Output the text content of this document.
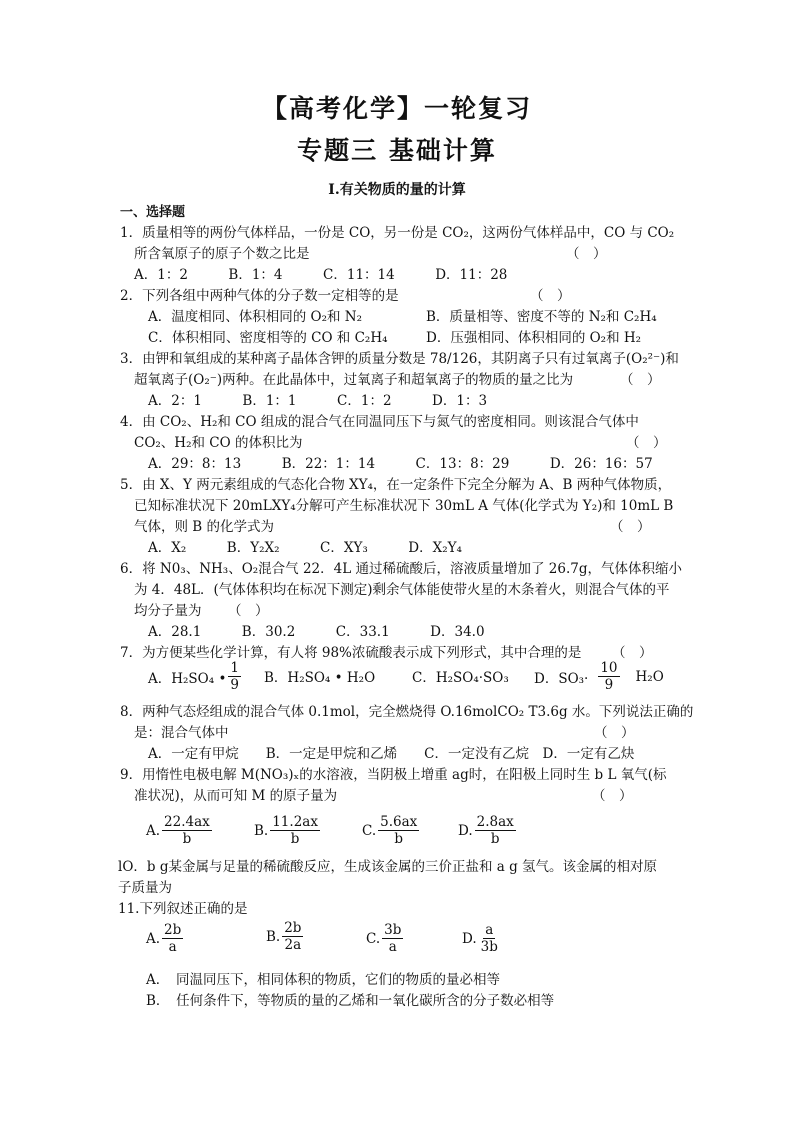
【高考化学】一轮复习
专题三 基础计算
Ⅰ.有关物质的量的计算
一、选择题
1．质量相等的两份气体样品，一份是 CO，另一份是 CO₂，这两份气体样品中，CO 与 CO₂
所含氧原子的原子个数之比是	（　）
A．1：2　　　B．1：4　　　C．11：14　　　D．11：28
2．下列各组中两种气体的分子数一定相等的是	（　）
A．温度相同、体积相同的 O₂和 N₂	B．质量相等、密度不等的 N₂和 C₂H₄
C．体积相同、密度相等的 CO 和 C₂H₄	D．压强相同、体积相同的 O₂和 H₂
3．由钾和氧组成的某种离子晶体含钾的质量分数是 78/126，其阴离子只有过氧离子(O₂²⁻)和
超氧离子(O₂⁻)两种。在此晶体中，过氧离子和超氧离子的物质的量之比为	（　）
A．2：1　　　B．1：1　　　C．1：2　　　D．1：3
4．由 CO₂、H₂和 CO 组成的混合气在同温同压下与氮气的密度相同。则该混合气体中
CO₂、H₂和 CO 的体积比为	（　）
A．29：8：13　　　B．22：1：14　　　C．13：8：29　　　D．26：16：57
5．由 X、Y 两元素组成的气态化合物 XY₄，在一定条件下完全分解为 A、B 两种气体物质，
已知标准状况下 20mLXY₄分解可产生标准状况下 30mL A 气体(化学式为 Y₂)和 10mL B
气体，则 B 的化学式为	（　）
A．X₂　　　B．Y₂X₂　　　C．XY₃　　　D．X₂Y₄
6．将 N0₃、NH₃、O₂混合气 22．4L 通过稀硫酸后，溶液质量增加了 26.7g，气体体积缩小
为 4．48L．(气体体积均在标况下测定)剩余气体能使带火星的木条着火，则混合气体的平
均分子量为 （　）
A．28.1　　　B．30.2　　　C．33.1　　　D．34.0
7．为方便某些化学计算，有人将 98%浓硫酸表示成下列形式，其中合理的是 （　）
A．H₂SO₄ • $\frac{1}{9}$ B．H₂SO₄ • H₂O	C．H₂SO₄·SO₃ D．$SO_3\cdot \frac{10}{9} H_2O$
8．两种气态烃组成的混合气体 0.1mol，完全燃烧得 O.16molCO₂ T3.6g 水。下列说法正确的
是：混合气体中	（　）
A．一定有甲烷　　B．一定是甲烷和乙烯　　C．一定没有乙烷　D．一定有乙炔
9．用惰性电极电解 M(NO₃)ₓ的水溶液，当阴极上增重 ag时，在阳极上同时生 b L 氧气(标
准状况)，从而可知 M 的原子量为	（　）
A. $\frac{22.4ax}{b}$	B. $\frac{11.2ax}{b}$	C. $\frac{5.6ax}{b}$	D. $\frac{2.8ax}{b}$
lO．b g某金属与足量的稀硫酸反应，生成该金属的三价正盐和 a g 氢气。该金属的相对原
子质量为
11.下列叙述正确的是
A. $\frac{2b}{a}$	B. $\frac{2b}{2a}$	C. $\frac{3b}{a}$	D. $\frac{a}{3b}$
A．　同温同压下，相同体积的物质，它们的物质的量必相等
B．　任何条件下，等物质的量的乙烯和一氧化碳所含的分子数必相等
